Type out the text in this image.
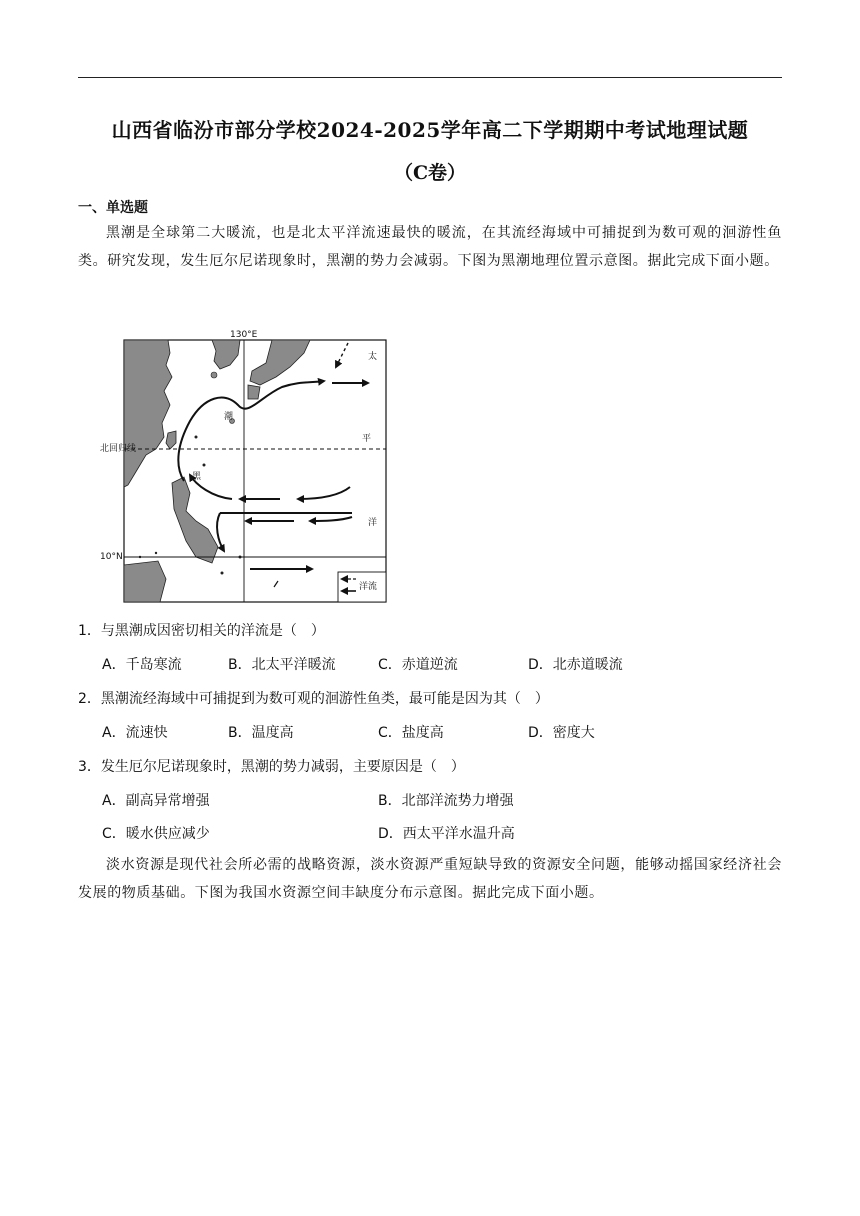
山西省临汾市部分学校2024-2025学年高二下学期期中考试地理试题
（C卷）
一、单选题
黑潮是全球第二大暖流，也是北太平洋流速最快的暖流，在其流经海域中可捕捉到为数可观的洄游性鱼类。研究发现，发生厄尔尼诺现象时，黑潮的势力会减弱。下图为黑潮地理位置示意图。据此完成下面小题。
130°E
北回归线
10°N
太
平
洋
黑
潮
洋流
1．与黑潮成因密切相关的洋流是（　）
A．千岛寒流	B．北太平洋暖流	C．赤道逆流	D．北赤道暖流
2．黑潮流经海域中可捕捉到为数可观的洄游性鱼类，最可能是因为其（　）
A．流速快	B．温度高	C．盐度高	D．密度大
3．发生厄尔尼诺现象时，黑潮的势力减弱，主要原因是（　）
A．副高异常增强	B．北部洋流势力增强
C．暖水供应减少	D．西太平洋水温升高
淡水资源是现代社会所必需的战略资源，淡水资源严重短缺导致的资源安全问题，能够动摇国家经济社会发展的物质基础。下图为我国水资源空间丰缺度分布示意图。据此完成下面小题。
